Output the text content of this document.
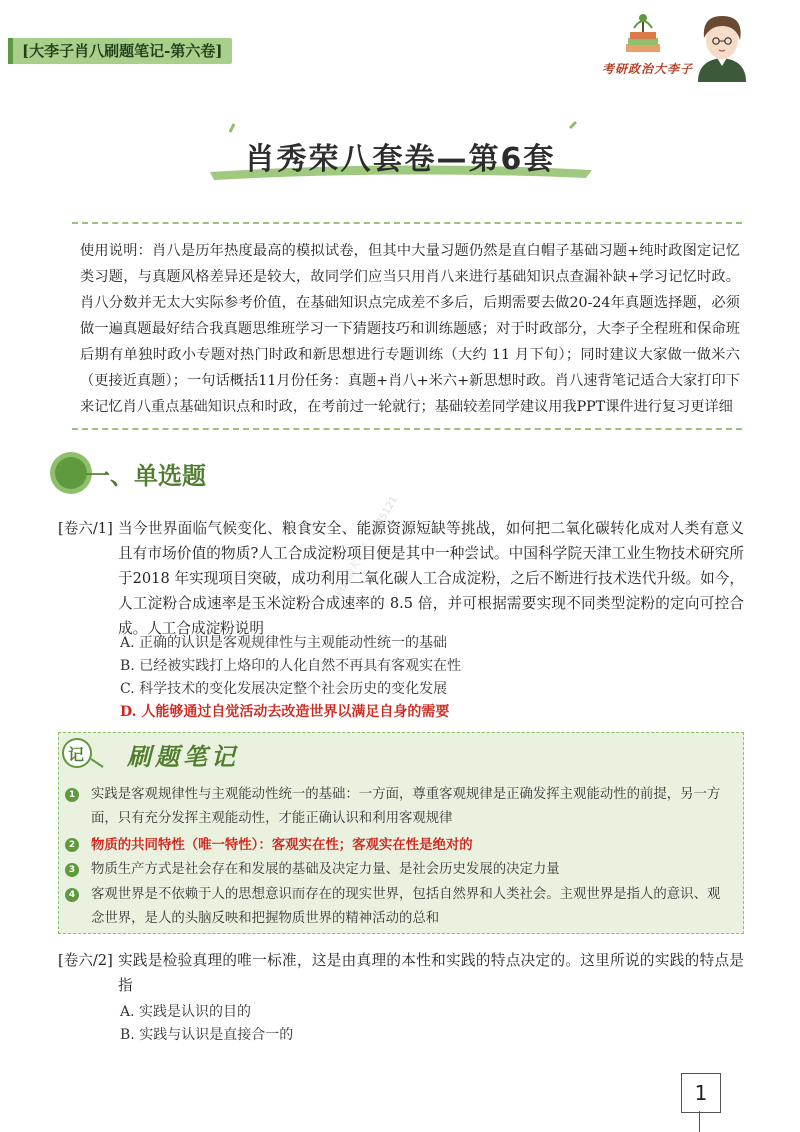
[大李子肖八刷题笔记-第六卷]
考研政治大李子
肖秀荣八套卷—第6套
使用说明：肖八是历年热度最高的模拟试卷，但其中大量习题仍然是直白帽子基础习题+纯时政图定记忆类习题，与真题风格差异还是较大，故同学们应当只用肖八来进行基础知识点查漏补缺+学习记忆时政。肖八分数并无太大实际参考价值，在基础知识点完成差不多后，后期需要去做20-24年真题选择题，必须做一遍真题最好结合我真题思维班学习一下猜题技巧和训练题感；对于时政部分，大李子全程班和保命班后期有单独时政小专题对热门时政和新思想进行专题训练（大约 11 月下旬）；同时建议大家做一做米六（更接近真题）；一句话概括11月份任务：真题+肖八+米六+新思想时政。肖八速背笔记适合大家打印下来记忆肖八重点基础知识点和时政，在考前过一轮就行；基础较差同学建议用我PPT课件进行复习更详细
一、单选题
考研政治大李子 · 2185121
[卷六/1] 当今世界面临气候变化、粮食安全、能源资源短缺等挑战，如何把二氧化碳转化成对人类有意义且有市场价值的物质?人工合成淀粉项目便是其中一种尝试。中国科学院天津工业生物技术研究所于2018 年实现项目突破，成功利用二氧化碳人工合成淀粉，之后不断进行技术迭代升级。如今，人工淀粉合成速率是玉米淀粉合成速率的 8.5 倍，并可根据需要实现不同类型淀粉的定向可控合成。人工合成淀粉说明
A. 正确的认识是客观规律性与主观能动性统一的基础
B. 已经被实践打上烙印的人化自然不再具有客观实在性
C. 科学技术的变化发展决定整个社会历史的变化发展
D. 人能够通过自觉活动去改造世界以满足自身的需要
记 刷题笔记
1 实践是客观规律性与主观能动性统一的基础：一方面，尊重客观规律是正确发挥主观能动性的前提，另一方面，只有充分发挥主观能动性，才能正确认识和利用客观规律
2 物质的共同特性（唯一特性）：客观实在性；客观实在性是绝对的
3 物质生产方式是社会存在和发展的基础及决定力量、是社会历史发展的决定力量
4 客观世界是不依赖于人的思想意识而存在的现实世界，包括自然界和人类社会。主观世界是指人的意识、观念世界，是人的头脑反映和把握物质世界的精神活动的总和
[卷六/2] 实践是检验真理的唯一标准，这是由真理的本性和实践的特点决定的。这里所说的实践的特点是指
A. 实践是认识的目的
B. 实践与认识是直接合一的
1
